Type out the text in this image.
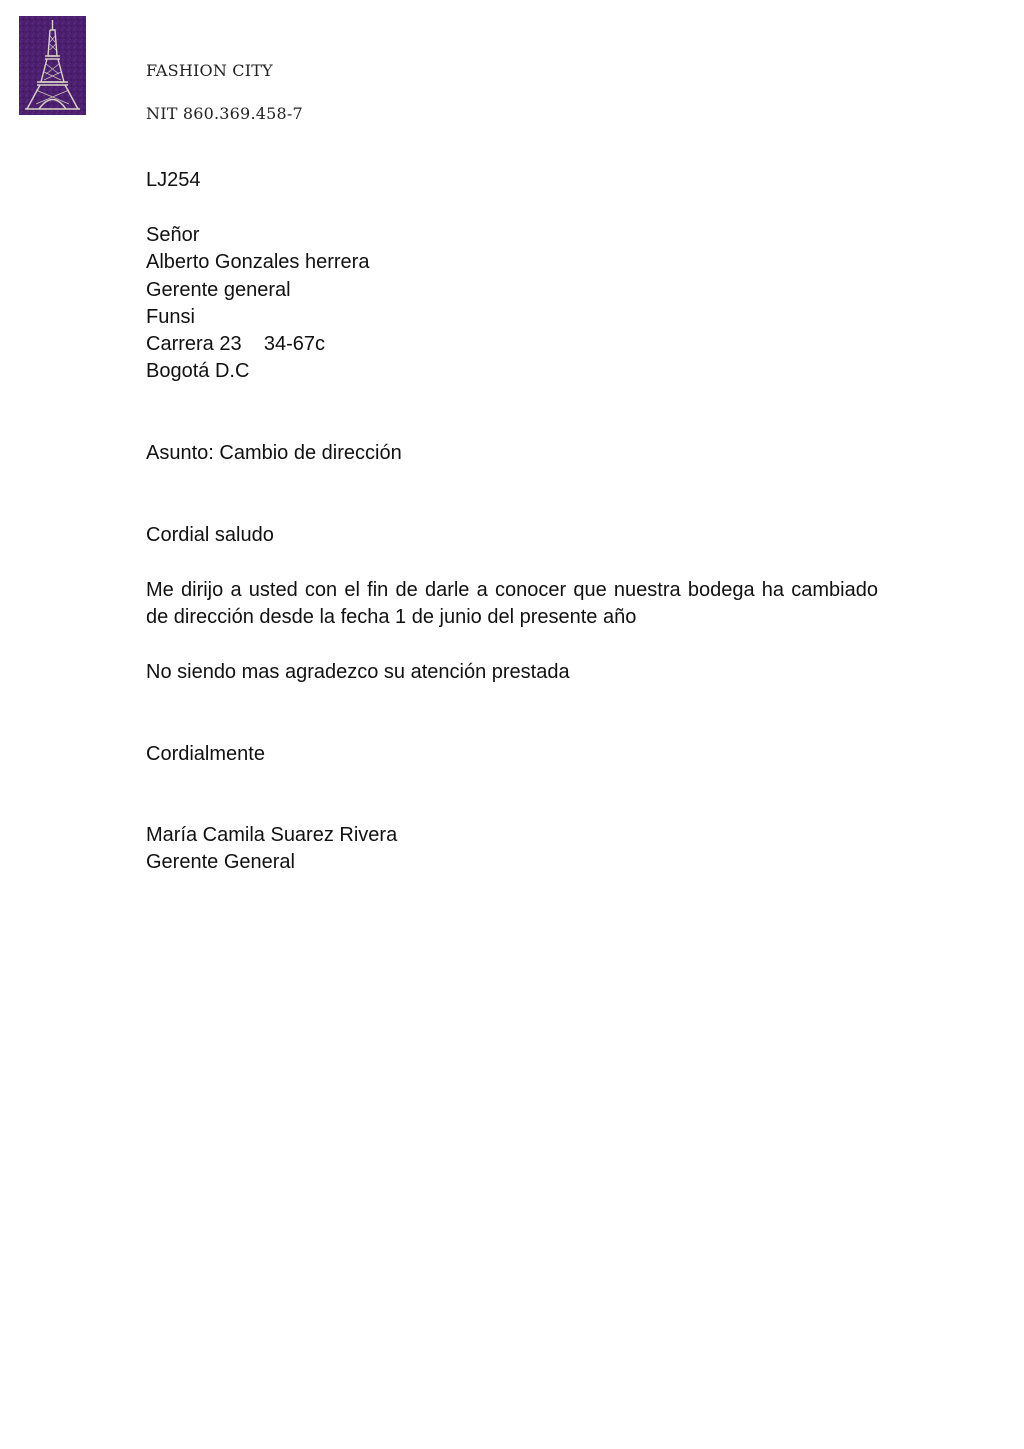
FASHION CITY
NIT 860.369.458-7
LJ254
Señor
Alberto Gonzales herrera
Gerente general
Funsi
Carrera 23    34-67c
Bogotá D.C
Asunto: Cambio de dirección
Cordial saludo
Me dirijo a usted con el fin de darle a conocer que nuestra bodega ha cambiado de dirección desde la fecha 1 de junio del presente año
No siendo mas agradezco su atención prestada
Cordialmente
María Camila Suarez Rivera
Gerente General
